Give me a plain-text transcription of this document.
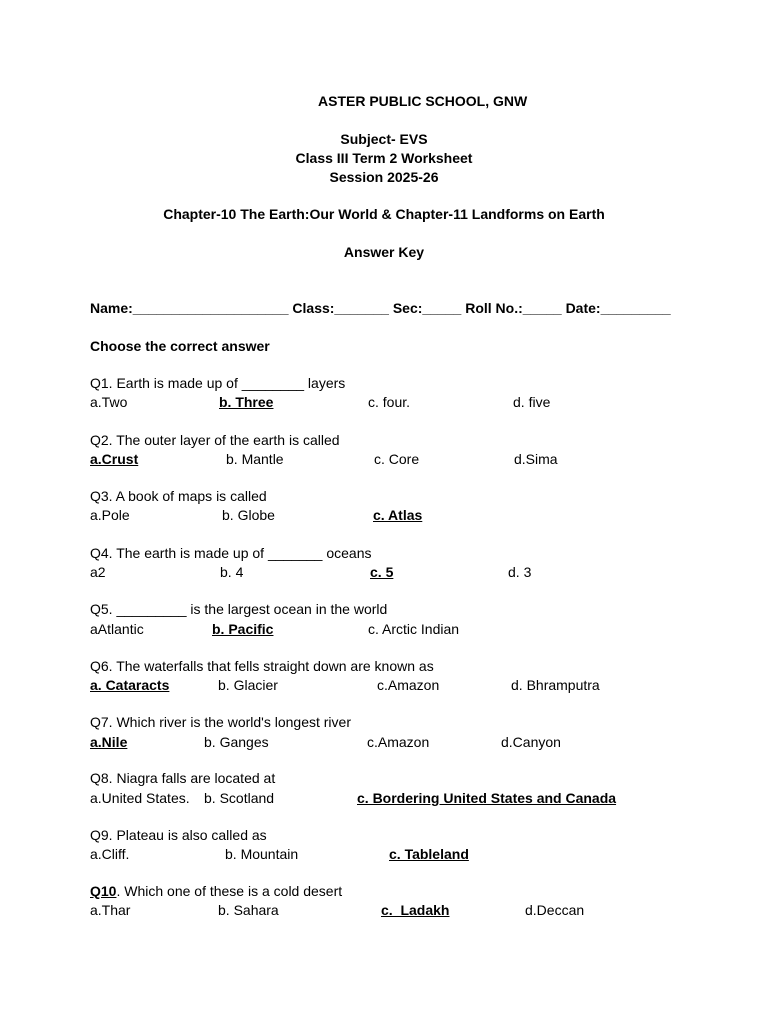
ASTER PUBLIC SCHOOL, GNW
Subject- EVS
Class III Term 2 Worksheet
Session 2025-26
Chapter-10 The Earth:Our World & Chapter-11 Landforms on Earth
Answer Key
Name:____________________ Class:_______ Sec:_____ Roll No.:_____ Date:_________
Choose the correct answer
Q1. Earth is made up of ________ layers
a.Two	b. Three	c. four.	d. five
Q2. The outer layer of the earth is called
a.Crust	b. Mantle	c. Core	d.Sima
Q3. A book of maps is called
a.Pole	b. Globe	c. Atlas
Q4. The earth is made up of _______ oceans
a2	b. 4	c. 5	d. 3
Q5. _________ is the largest ocean in the world
aAtlantic	b. Pacific	c. Arctic Indian
Q6. The waterfalls that fells straight down are known as
a. Cataracts	b. Glacier	c.Amazon	d. Bhramputra
Q7. Which river is the world's longest river
a.Nile	b. Ganges	c.Amazon	d.Canyon
Q8. Niagra falls are located at
a.United States. b. Scotland	c. Bordering United States and Canada
Q9. Plateau is also called as
a.Cliff.	b. Mountain	c. Tableland
Q10. Which one of these is a cold desert
a.Thar	b. Sahara	c.  Ladakh	d.Deccan
